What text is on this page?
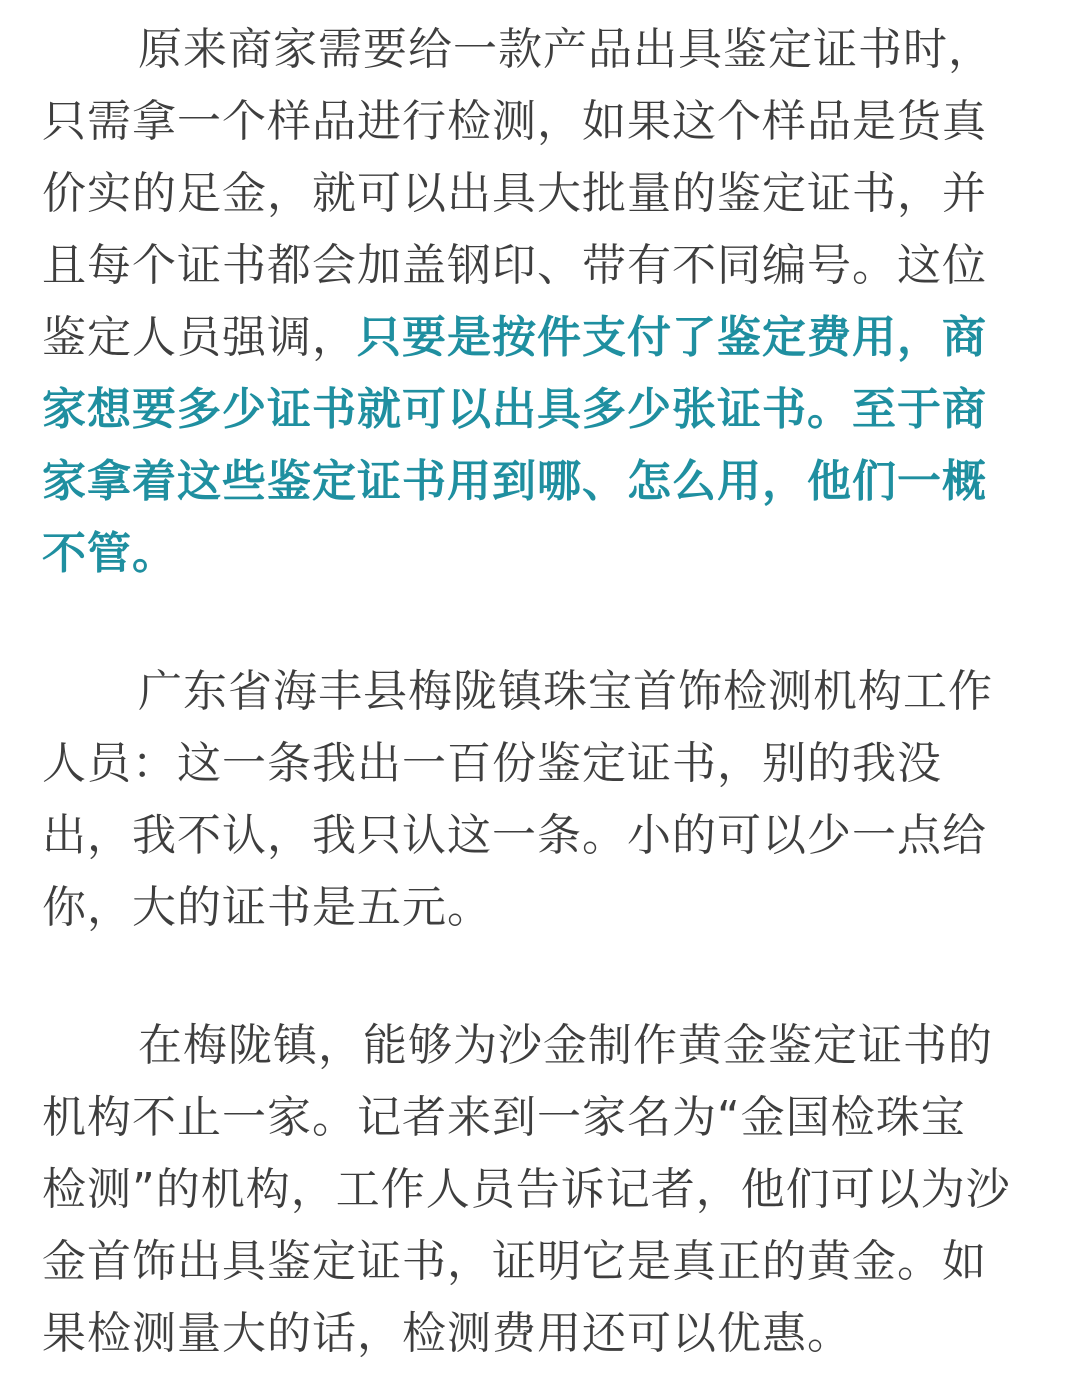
原来商家需要给一款产品出具鉴定证书时，
只需拿一个样品进行检测，如果这个样品是货真
价实的足金，就可以出具大批量的鉴定证书，并
且每个证书都会加盖钢印、带有不同编号。这位
鉴定人员强调，只要是按件支付了鉴定费用，商
家想要多少证书就可以出具多少张证书。至于商
家拿着这些鉴定证书用到哪、怎么用，他们一概
不管。
广东省海丰县梅陇镇珠宝首饰检测机构工作
人员：这一条我出一百份鉴定证书，别的我没
出，我不认，我只认这一条。小的可以少一点给
你，大的证书是五元。
在梅陇镇，能够为沙金制作黄金鉴定证书的
机构不止一家。记者来到一家名为“金国检珠宝
检测”的机构，工作人员告诉记者，他们可以为沙
金首饰出具鉴定证书，证明它是真正的黄金。如
果检测量大的话，检测费用还可以优惠。
